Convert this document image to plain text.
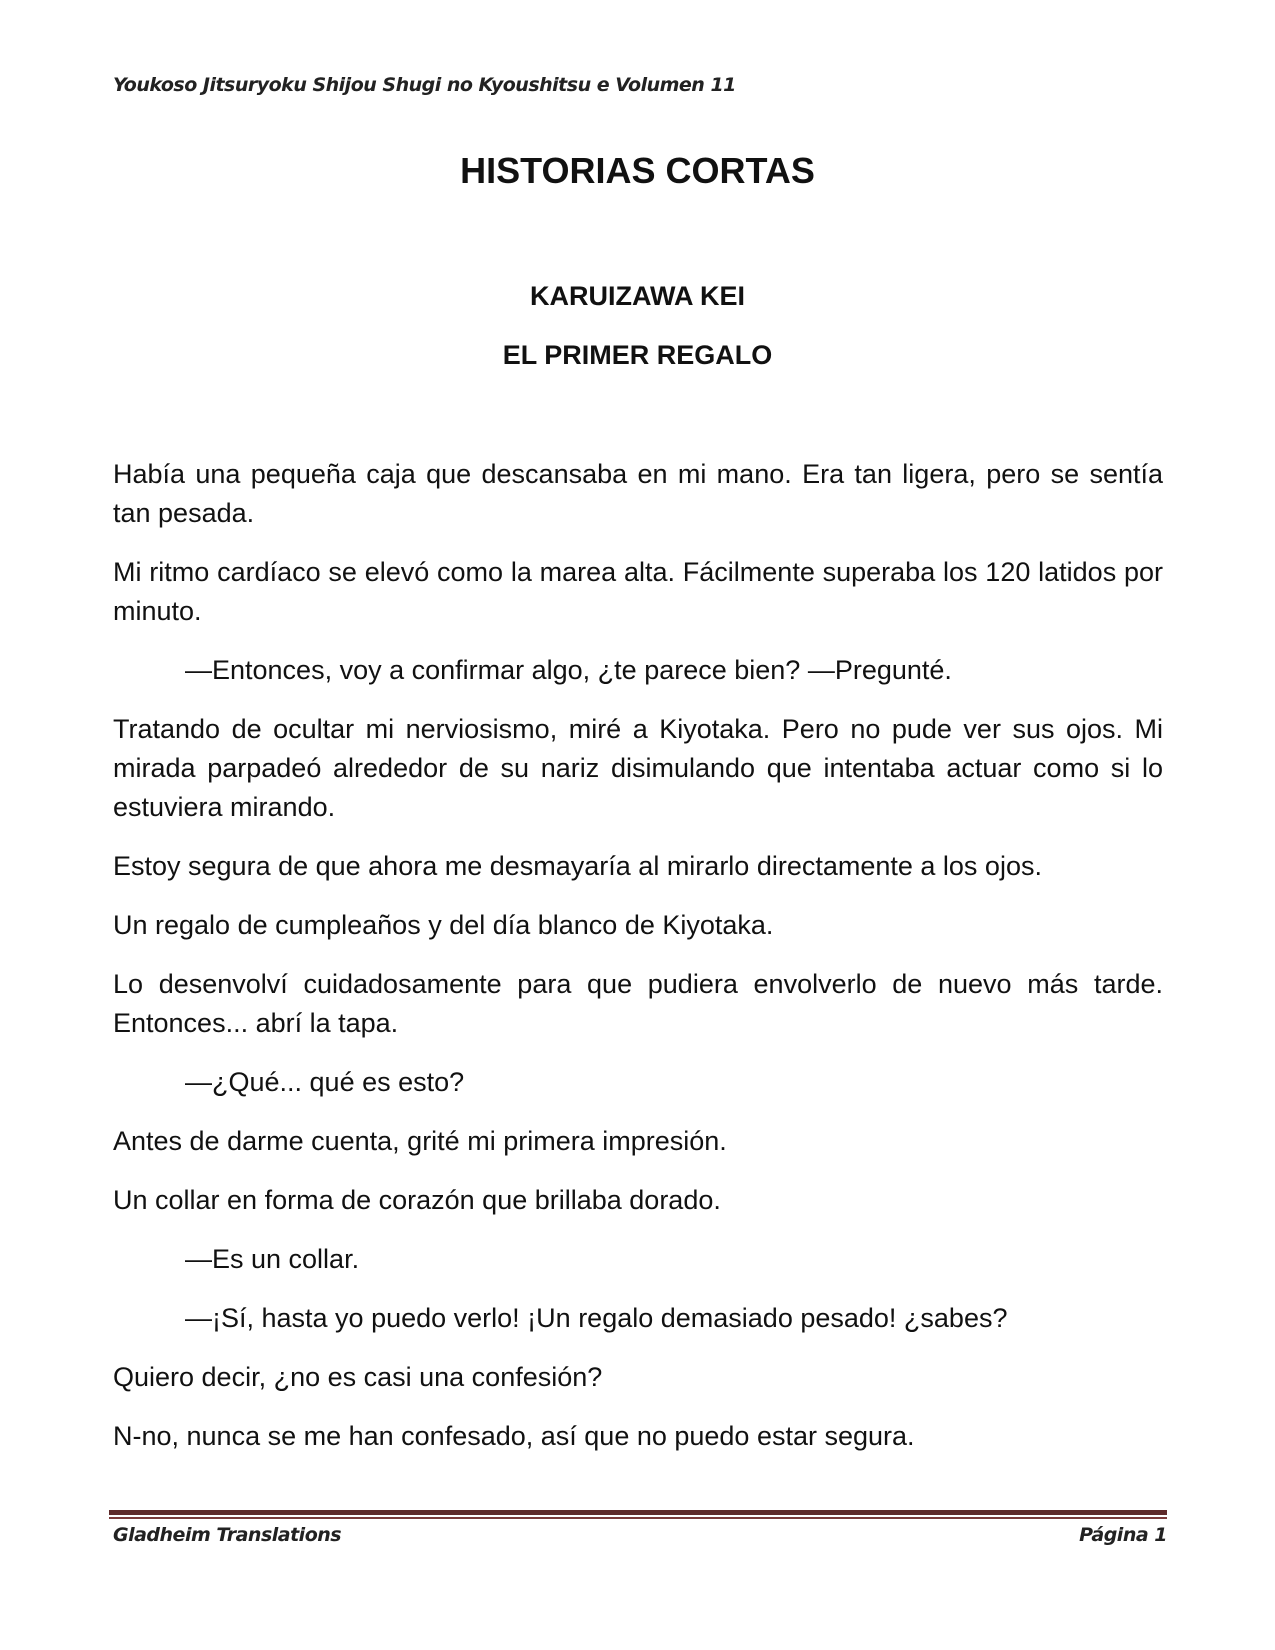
Youkoso Jitsuryoku Shijou Shugi no Kyoushitsu e Volumen 11
HISTORIAS CORTAS
KARUIZAWA KEI
EL PRIMER REGALO

Había una pequeña caja que descansaba en mi mano. Era tan ligera, pero se sentía tan pesada.

Mi ritmo cardíaco se elevó como la marea alta. Fácilmente superaba los 120 latidos por minuto.

—Entonces, voy a confirmar algo, ¿te parece bien? —Pregunté.

Tratando de ocultar mi nerviosismo, miré a Kiyotaka. Pero no pude ver sus ojos. Mi mirada parpadeó alrededor de su nariz disimulando que intentaba actuar como si lo estuviera mirando.

Estoy segura de que ahora me desmayaría al mirarlo directamente a los ojos.

Un regalo de cumpleaños y del día blanco de Kiyotaka.

Lo desenvolví cuidadosamente para que pudiera envolverlo de nuevo más tarde. Entonces... abrí la tapa.

—¿Qué... qué es esto?

Antes de darme cuenta, grité mi primera impresión.

Un collar en forma de corazón que brillaba dorado.

—Es un collar.

—¡Sí, hasta yo puedo verlo! ¡Un regalo demasiado pesado! ¿sabes?

Quiero decir, ¿no es casi una confesión?

N-no, nunca se me han confesado, así que no puedo estar segura.

Gladheim Translations	Página 1
